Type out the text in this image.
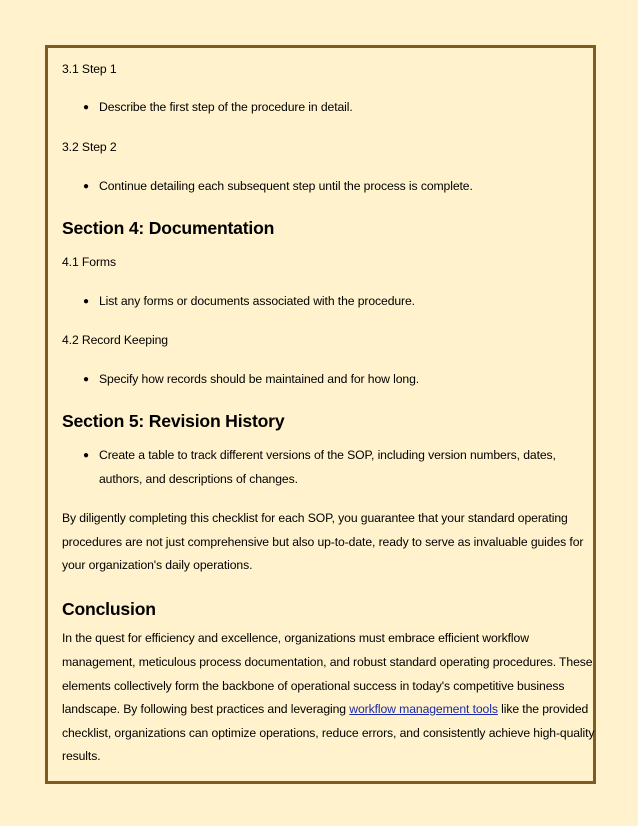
3.1 Step 1
● Describe the first step of the procedure in detail.
3.2 Step 2
● Continue detailing each subsequent step until the process is complete.
Section 4: Documentation
4.1 Forms
● List any forms or documents associated with the procedure.
4.2 Record Keeping
● Specify how records should be maintained and for how long.
Section 5: Revision History
● Create a table to track different versions of the SOP, including version numbers, dates,
authors, and descriptions of changes.
By diligently completing this checklist for each SOP, you guarantee that your standard operating
procedures are not just comprehensive but also up-to-date, ready to serve as invaluable guides for
your organization's daily operations.
Conclusion
In the quest for efficiency and excellence, organizations must embrace efficient workflow
management, meticulous process documentation, and robust standard operating procedures. These
elements collectively form the backbone of operational success in today's competitive business
landscape. By following best practices and leveraging workflow management tools like the provided
checklist, organizations can optimize operations, reduce errors, and consistently achieve high-quality
results.
